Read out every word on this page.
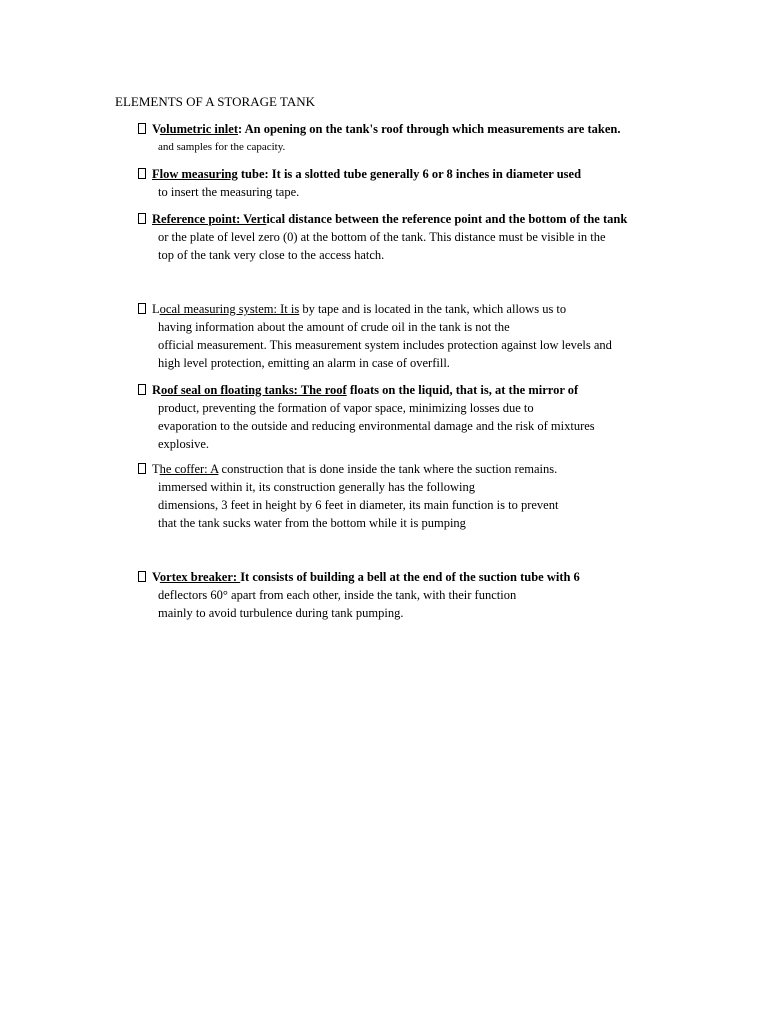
ELEMENTS OF A STORAGE TANK
Volumetric inlet: An opening on the tank's roof through which measurements are taken.
and samples for the capacity.
Flow measuring tube: It is a slotted tube generally 6 or 8 inches in diameter used
to insert the measuring tape.
Reference point: Vertical distance between the reference point and the bottom of the tank
or the plate of level zero (0) at the bottom of the tank. This distance must be visible in the
top of the tank very close to the access hatch.
Local measuring system: It is by tape and is located in the tank, which allows us to
having information about the amount of crude oil in the tank is not the
official measurement. This measurement system includes protection against low levels and
high level protection, emitting an alarm in case of overfill.
Roof seal on floating tanks: The roof floats on the liquid, that is, at the mirror of
product, preventing the formation of vapor space, minimizing losses due to
evaporation to the outside and reducing environmental damage and the risk of mixtures
explosive.
The coffer: A construction that is done inside the tank where the suction remains.
immersed within it, its construction generally has the following
dimensions, 3 feet in height by 6 feet in diameter, its main function is to prevent
that the tank sucks water from the bottom while it is pumping
Vortex breaker: It consists of building a bell at the end of the suction tube with 6
deflectors 60° apart from each other, inside the tank, with their function
mainly to avoid turbulence during tank pumping.
